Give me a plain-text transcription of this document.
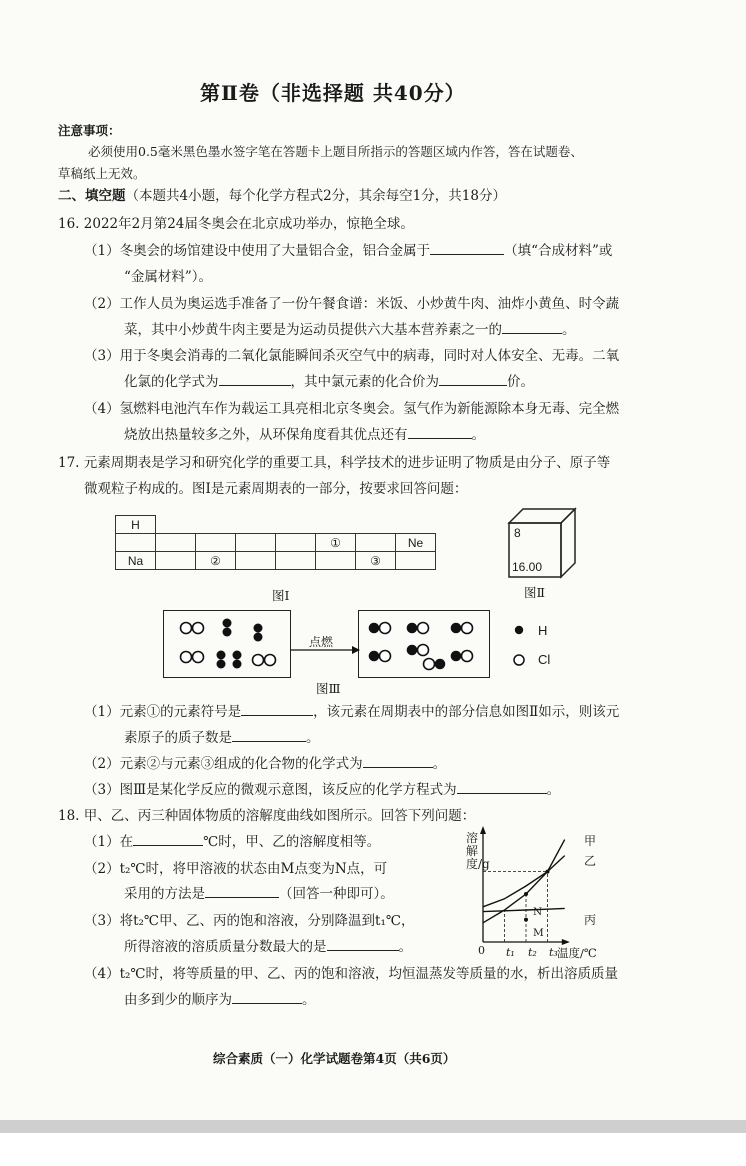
第Ⅱ卷（非选择题 共40分）
注意事项：
必须使用0.5毫米黑色墨水签字笔在答题卡上题目所指示的答题区域内作答，答在试题卷、
草稿纸上无效。
二、填空题（本题共4小题，每个化学方程式2分，其余每空1分，共18分）
16. 2022年2月第24届冬奥会在北京成功举办，惊艳全球。
（1）冬奥会的场馆建设中使用了大量铝合金，铝合金属于	（填“合成材料”或
“金属材料”）。
（2）工作人员为奥运选手准备了一份午餐食谱：米饭、小炒黄牛肉、油炸小黄鱼、时令蔬
菜，其中小炒黄牛肉主要是为运动员提供六大基本营养素之一的	。
（3）用于冬奥会消毒的二氧化氯能瞬间杀灭空气中的病毒，同时对人体安全、无毒。二氧
化氯的化学式为	，其中氯元素的化合价为	价。
（4）氢燃料电池汽车作为载运工具亮相北京冬奥会。氢气作为新能源除本身无毒、完全燃
烧放出热量较多之外，从环保角度看其优点还有	。
17. 元素周期表是学习和研究化学的重要工具，科学技术的进步证明了物质是由分子、原子等
微观粒子构成的。图Ⅰ是元素周期表的一部分，按要求回答问题：
H							
					①		Ne
Na		②				③	
图Ⅰ
8
16.00
图Ⅱ
点燃
H
Cl
图Ⅲ
（1）元素①的元素符号是	，该元素在周期表中的部分信息如图Ⅱ如示，则该元
素原子的质子数是	。
（2）元素②与元素③组成的化合物的化学式为	。
（3）图Ⅲ是某化学反应的微观示意图，该反应的化学方程式为	。
18. 甲、乙、丙三种固体物质的溶解度曲线如图所示。回答下列问题：
（1）在	℃时，甲、乙的溶解度相等。
（2）t₂℃时，将甲溶液的状态由M点变为N点，可
采用的方法是	（回答一种即可）。
（3）将t₂℃甲、乙、丙的饱和溶液，分别降温到t₁℃，
所得溶液的溶质质量分数最大的是	。
（4）t₂℃时，将等质量的甲、乙、丙的饱和溶液，均恒温蒸发等质量的水，析出溶质质量
由多到少的顺序为	。
溶解度/g
温度/℃
0 t₁ t₂ t₃
甲
乙
丙
N
M
综合素质（一）化学试题卷第4页（共6页）
